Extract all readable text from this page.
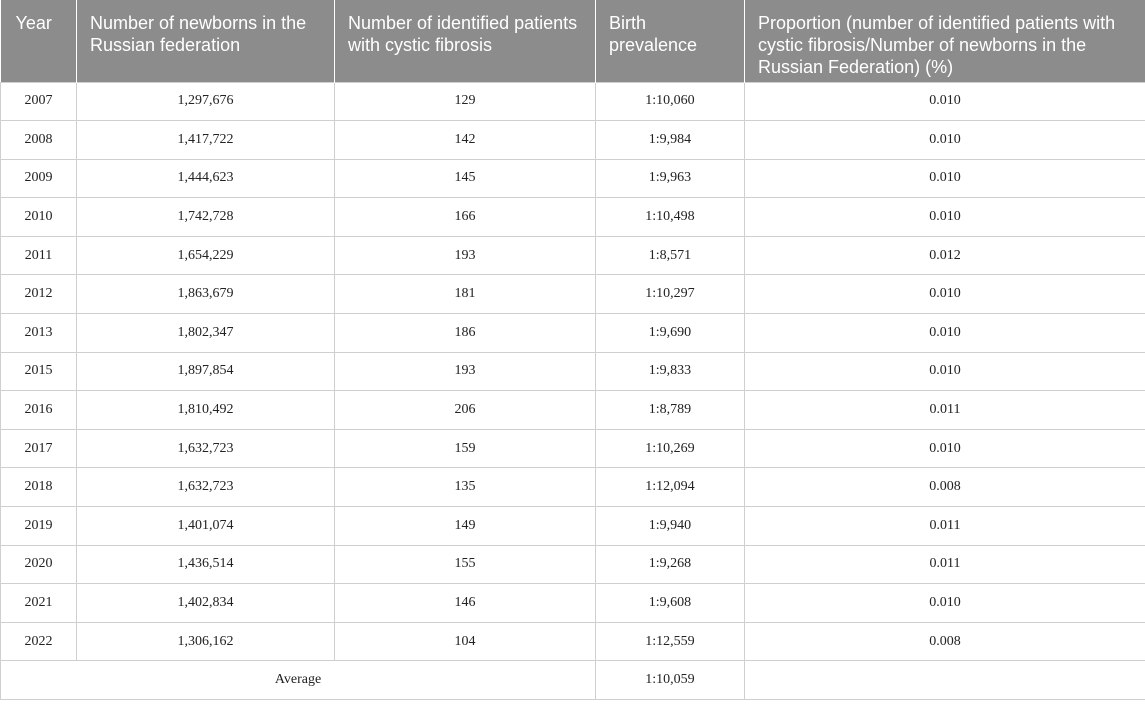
Year	Number of newborns in the Russian federation	Number of identified patients with cystic fibrosis	Birth prevalence	Proportion (number of identified patients with cystic fibrosis/Number of newborns in the Russian Federation) (%)
2007	1,297,676	129	1:10,060	0.010
2008	1,417,722	142	1:9,984	0.010
2009	1,444,623	145	1:9,963	0.010
2010	1,742,728	166	1:10,498	0.010
2011	1,654,229	193	1:8,571	0.012
2012	1,863,679	181	1:10,297	0.010
2013	1,802,347	186	1:9,690	0.010
2015	1,897,854	193	1:9,833	0.010
2016	1,810,492	206	1:8,789	0.011
2017	1,632,723	159	1:10,269	0.010
2018	1,632,723	135	1:12,094	0.008
2019	1,401,074	149	1:9,940	0.011
2020	1,436,514	155	1:9,268	0.011
2021	1,402,834	146	1:9,608	0.010
2022	1,306,162	104	1:12,559	0.008
Average			1:10,059	
